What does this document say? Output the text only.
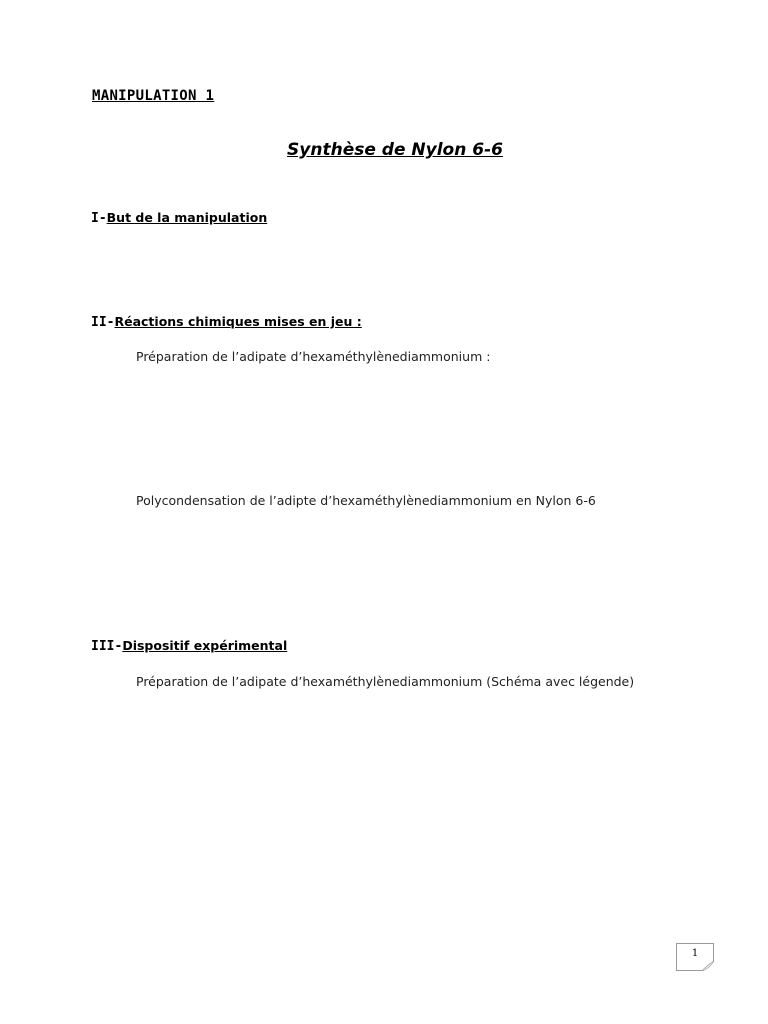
MANIPULATION 1
Synthèse de Nylon 6-6
I-But de la manipulation
II-Réactions chimiques mises en jeu :
Préparation de l’adipate d’hexaméthylènediammonium :
Polycondensation de l’adipte d’hexaméthylènediammonium en Nylon 6-6
III-Dispositif expérimental
Préparation de l’adipate d’hexaméthylènediammonium (Schéma avec légende)
1
